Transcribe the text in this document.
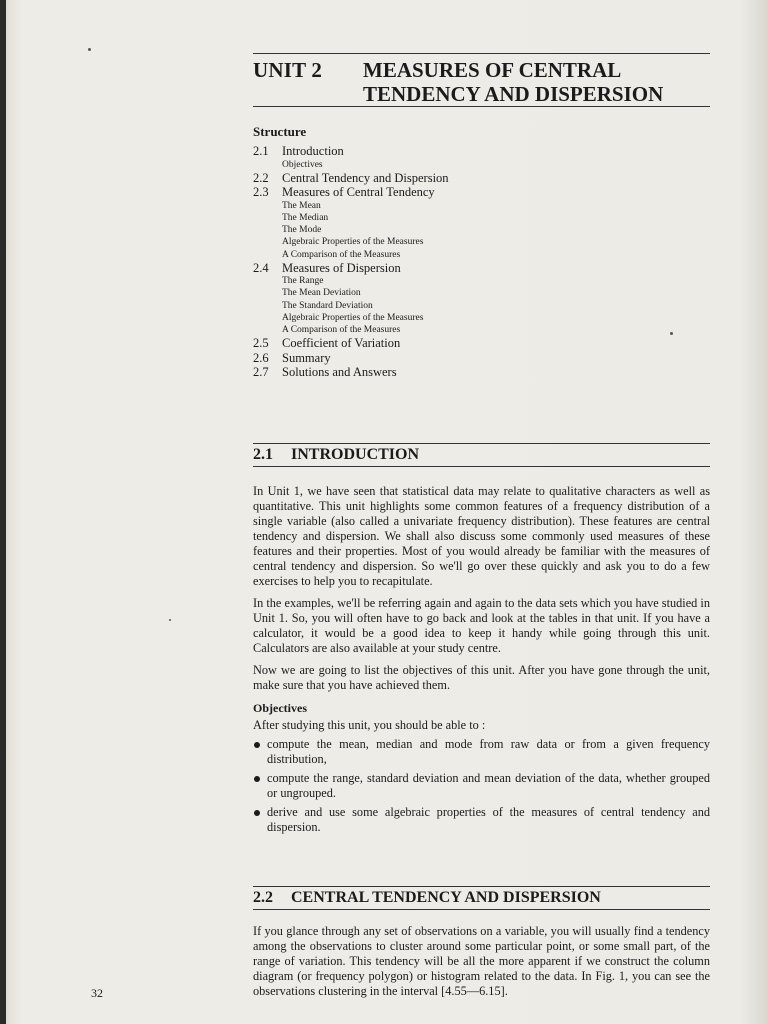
UNIT 2 MEASURES OF CENTRAL
TENDENCY AND DISPERSION
Structure
2.1	Introduction
Objectives
2.2	Central Tendency and Dispersion
2.3	Measures of Central Tendency
The Mean
The Median
The Mode
Algebraic Properties of the Measures
A Comparison of the Measures
2.4	Measures of Dispersion
The Range
The Mean Deviation
The Standard Deviation
Algebraic Properties of the Measures
A Comparison of the Measures
2.5	Coefficient of Variation
2.6	Summary
2.7	Solutions and Answers
2.1 INTRODUCTION

In Unit 1, we have seen that statistical data may relate to qualitative characters as well as quantitative. This unit highlights some common features of a frequency distribution of a single variable (also called a univariate frequency distribution). These features are central tendency and dispersion. We shall also discuss some commonly used measures of these features and their properties. Most of you would already be familiar with the measures of central tendency and dispersion. So we'll go over these quickly and ask you to do a few exercises to help you to recapitulate.

In the examples, we'll be referring again and again to the data sets which you have studied in Unit 1. So, you will often have to go back and look at the tables in that unit. If you have a calculator, it would be a good idea to keep it handy while going through this unit. Calculators are also available at your study centre.

Now we are going to list the objectives of this unit. After you have gone through the unit, make sure that you have achieved them.

Objectives
After studying this unit, you should be able to :
compute the mean, median and mode from raw data or from a given frequency distribution,
compute the range, standard deviation and mean deviation of the data, whether grouped or ungrouped.
derive and use some algebraic properties of the measures of central tendency and dispersion.
2.2 CENTRAL TENDENCY AND DISPERSION

If you glance through any set of observations on a variable, you will usually find a tendency among the observations to cluster around some particular point, or some small part, of the range of variation. This tendency will be all the more apparent if we construct the column diagram (or frequency polygon) or histogram related to the data. In Fig. 1, you can see the observations clustering in the interval [4.55—6.15].

32
